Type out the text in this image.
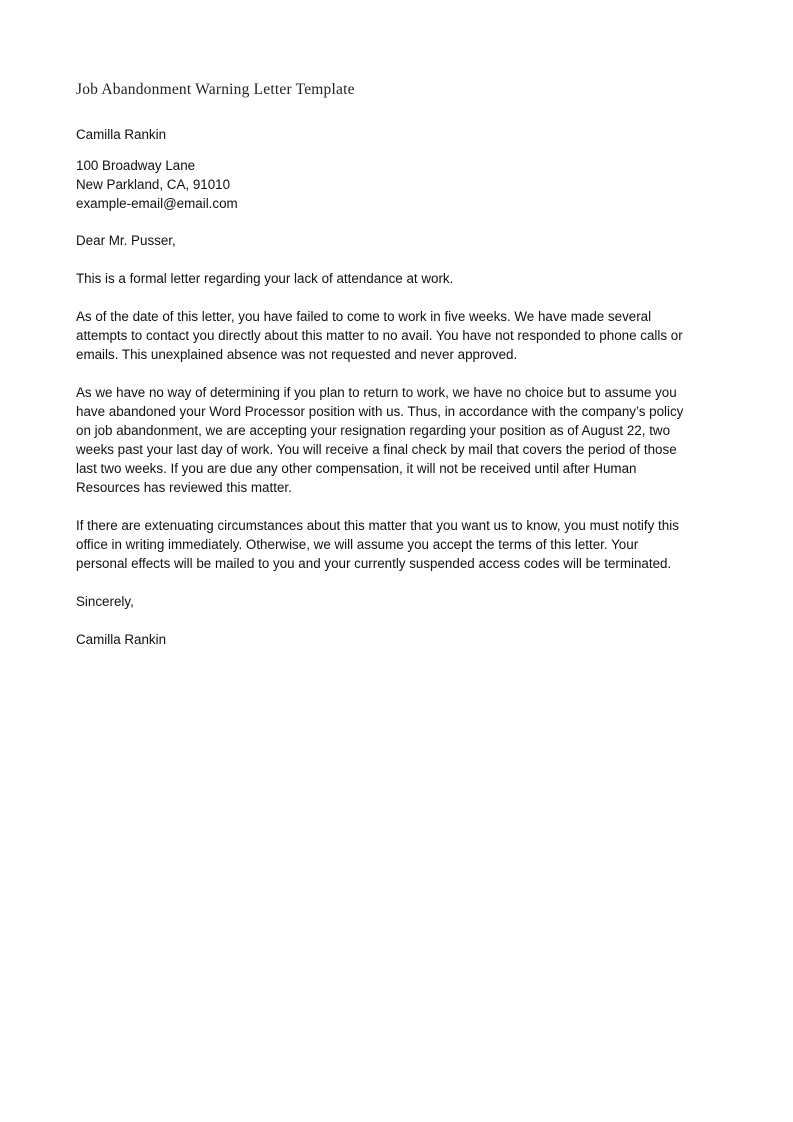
Job Abandonment Warning Letter Template
Camilla Rankin
100 Broadway Lane
New Parkland, CA, 91010
example-email@email.com
Dear Mr. Pusser,
This is a formal letter regarding your lack of attendance at work.
As of the date of this letter, you have failed to come to work in five weeks. We have made several
attempts to contact you directly about this matter to no avail. You have not responded to phone calls or
emails. This unexplained absence was not requested and never approved.
As we have no way of determining if you plan to return to work, we have no choice but to assume you
have abandoned your Word Processor position with us. Thus, in accordance with the company’s policy
on job abandonment, we are accepting your resignation regarding your position as of August 22, two
weeks past your last day of work. You will receive a final check by mail that covers the period of those
last two weeks. If you are due any other compensation, it will not be received until after Human
Resources has reviewed this matter.
If there are extenuating circumstances about this matter that you want us to know, you must notify this
office in writing immediately. Otherwise, we will assume you accept the terms of this letter. Your
personal effects will be mailed to you and your currently suspended access codes will be terminated.
Sincerely,
Camilla Rankin
